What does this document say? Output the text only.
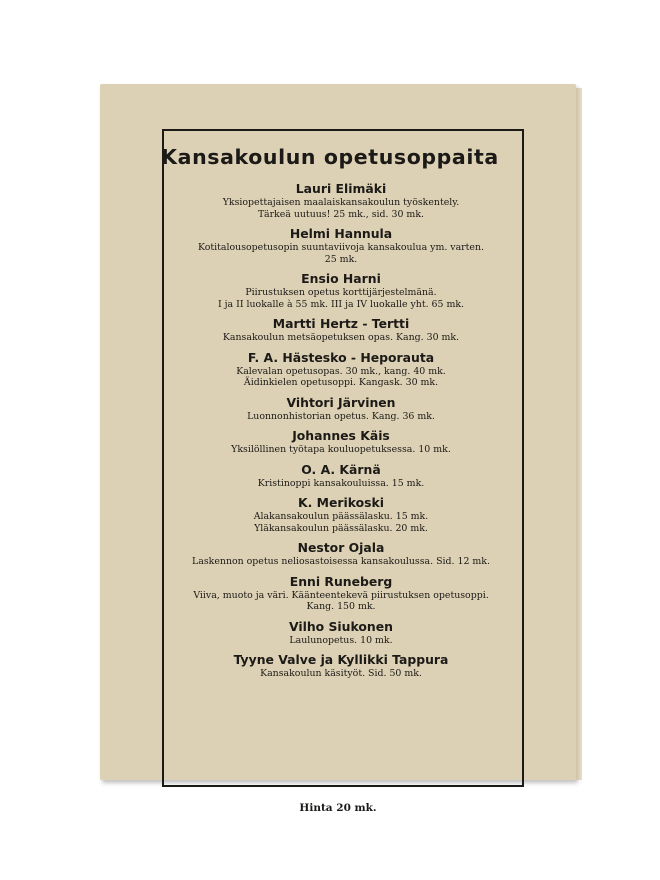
Hinta 20 mk.
Kansakoulun opetusoppaita
Lauri Elimäki
Yksiopettajaisen maalaiskansakoulun työskentely.
Tärkeä uutuus! 25 mk., sid. 30 mk.
Helmi Hannula
Kotitalousopetusopin suuntaviivoja kansakoulua ym. varten.
25 mk.
Ensio Harni
Piirustuksen opetus korttijärjestelmänä.
I ja II luokalle à 55 mk. III ja IV luokalle yht. 65 mk.
Martti Hertz - Tertti
Kansakoulun metsäopetuksen opas. Kang. 30 mk.
F. A. Hästesko - Heporauta
Kalevalan opetusopas. 30 mk., kang. 40 mk.
Äidinkielen opetusoppi. Kangask. 30 mk.
Vihtori Järvinen
Luonnonhistorian opetus. Kang. 36 mk.
Johannes Käis
Yksilöllinen työtapa kouluopetuksessa. 10 mk.
O. A. Kärnä
Kristinoppi kansakouluissa. 15 mk.
K. Merikoski
Alakansakoulun päässälasku. 15 mk.
Yläkansakoulun päässälasku. 20 mk.
Nestor Ojala
Laskennon opetus neliosastoisessa kansakoulussa. Sid. 12 mk.
Enni Runeberg
Viiva, muoto ja väri. Käänteentekevä piirustuksen opetusoppi.
Kang. 150 mk.
Vilho Siukonen
Laulunopetus. 10 mk.
Tyyne Valve ja Kyllikki Tappura
Kansakoulun käsityöt. Sid. 50 mk.
